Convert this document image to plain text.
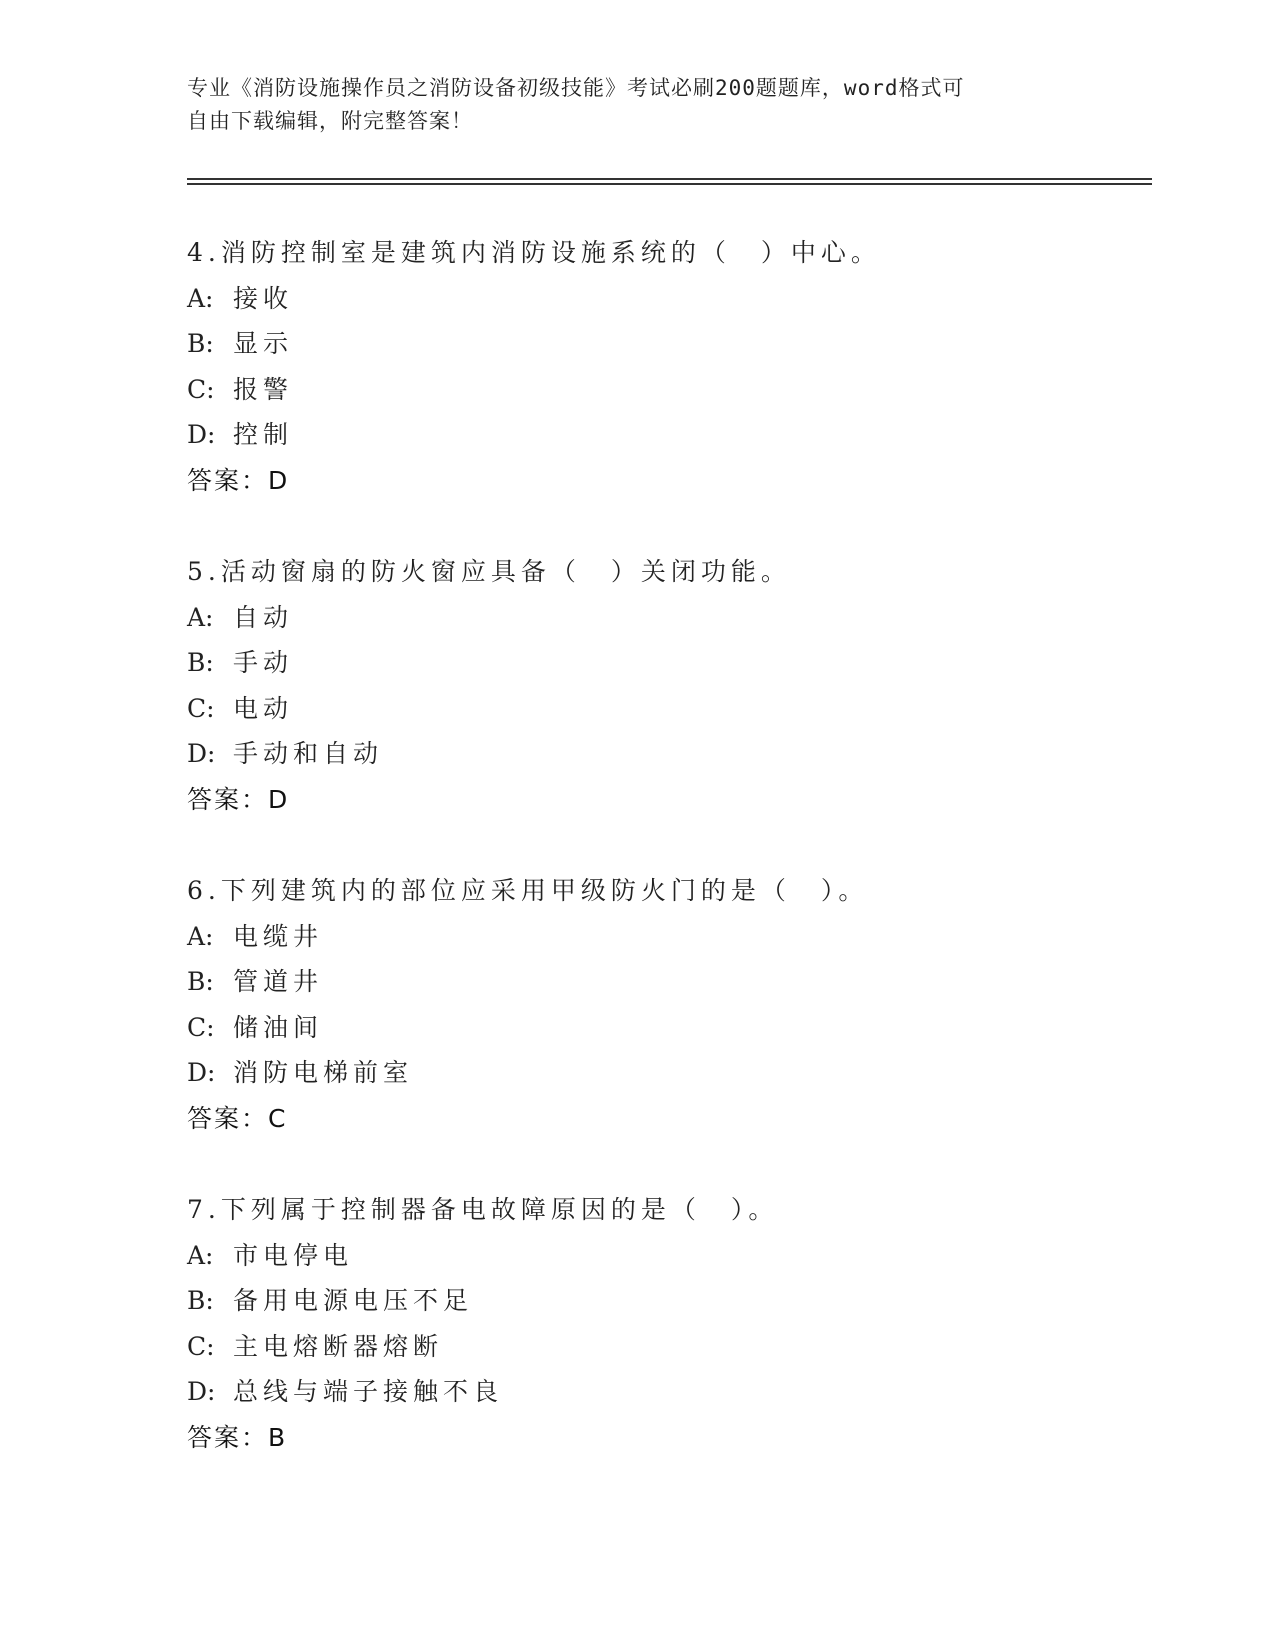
专业《消防设施操作员之消防设备初级技能》考试必刷200题题库，word格式可
自由下载编辑，附完整答案！
4.消防控制室是建筑内消防设施系统的（　）中心。
A: 接收
B: 显示
C: 报警
D: 控制
答案：D
5.活动窗扇的防火窗应具备（　）关闭功能。
A: 自动
B: 手动
C: 电动
D: 手动和自动
答案：D
6.下列建筑内的部位应采用甲级防火门的是（　）。
A: 电缆井
B: 管道井
C: 储油间
D: 消防电梯前室
答案：C
7.下列属于控制器备电故障原因的是（　）。
A: 市电停电
B: 备用电源电压不足
C: 主电熔断器熔断
D: 总线与端子接触不良
答案：B
